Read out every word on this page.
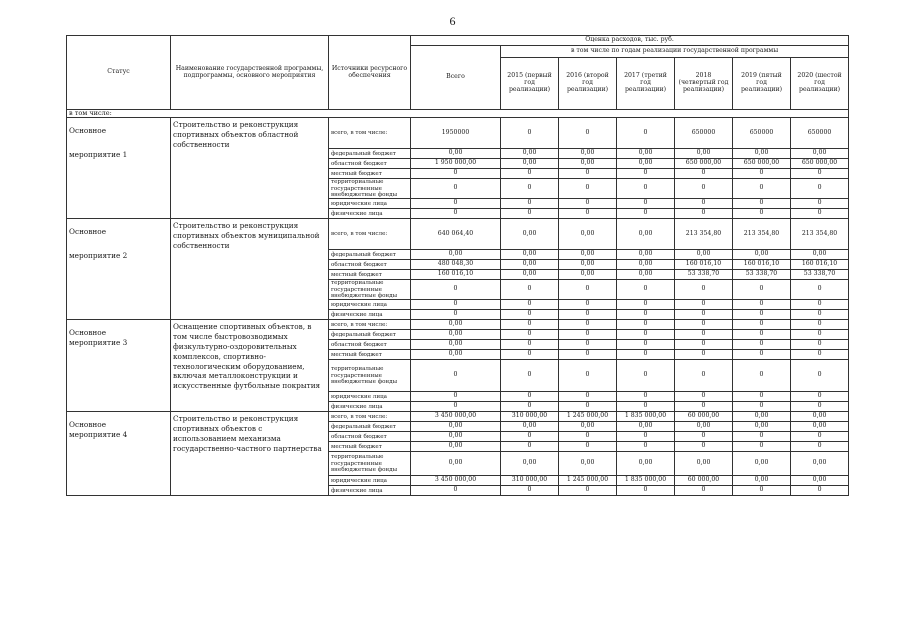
6
Статус	Наименование государственной программы, подпрограммы, основного мероприятия	Источники ресурсного обеспечения	Оценка расходов, тыс. руб.						
			Всего	в том числе по годам реализации государственной программы					
				2015 (первый год реализации)	2016 (второй год реализации)	2017 (третий год реализации)	2018 (четвертый год реализации)	2019 (пятый год реализации)	2020 (шестой год реализации)
в том числе:									
Основное
мероприятие 1	Строительство и реконструкция спортивных объектов областной собственности	всего, в том числе:	1950000	0	0	0	650000	650000	650000
		федеральный бюджет	0,00	0,00	0,00	0,00	0,00	0,00	0,00
		областной бюджет	1 950 000,00	0,00	0,00	0,00	650 000,00	650 000,00	650 000,00
		местный бюджет	0	0	0	0	0	0	0
		территориальные государственные внебюджетные фонды	0	0	0	0	0	0	0
		юридические лица	0	0	0	0	0	0	0
		физические лица	0	0	0	0	0	0	0
Основное
мероприятие 2	Строительство и реконструкция спортивных объектов муниципальной собственности	всего, в том числе:	640 064,40	0,00	0,00	0,00	213 354,80	213 354,80	213 354,80
		федеральный бюджет	0,00	0,00	0,00	0,00	0,00	0,00	0,00
		областной бюджет	480 048,30	0,00	0,00	0,00	160 016,10	160 016,10	160 016,10
		местный бюджет	160 016,10	0,00	0,00	0,00	53 338,70	53 338,70	53 338,70
		территориальные государственные внебюджетные фонды	0	0	0	0	0	0	0
		юридические лица	0	0	0	0	0	0	0
		физические лица	0	0	0	0	0	0	0
Основное
мероприятие 3	Оснащение спортивных объектов, в том числе быстровозводимых физкультурно-оздоровительных комплексов, спортивно-технологическим оборудованием, включая металлоконструкции и искусственные футбольные покрытия	всего, в том числе:	0,00	0	0	0	0	0	0
		федеральный бюджет	0,00	0	0	0	0	0	0
		областной бюджет	0,00	0	0	0	0	0	0
		местный бюджет	0,00	0	0	0	0	0	0
		территориальные государственные внебюджетные фонды	0	0	0	0	0	0	0
		юридические лица	0	0	0	0	0	0	0
		физические лица	0	0	0	0	0	0	0
Основное
мероприятие 4	Строительство и реконструкция спортивных объектов с использованием механизма государственно-частного партнерства	всего, в том числе:	3 450 000,00	310 000,00	1 245 000,00	1 835 000,00	60 000,00	0,00	0,00
		федеральный бюджет	0,00	0,00	0,00	0,00	0,00	0,00	0,00
		областной бюджет	0,00	0	0	0	0	0	0
		местный бюджет	0,00	0	0	0	0	0	0
		территориальные государственные внебюджетные фонды	0,00	0,00	0,00	0,00	0,00	0,00	0,00
		юридические лица	3 450 000,00	310 000,00	1 245 000,00	1 835 000,00	60 000,00	0,00	0,00
		физические лица	0	0	0	0	0	0	0
